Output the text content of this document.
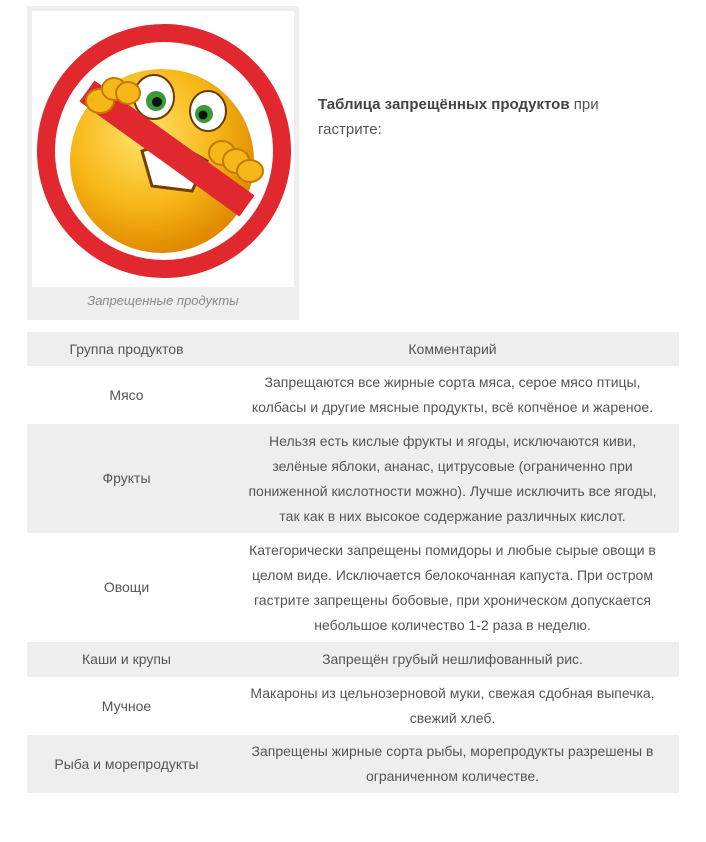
Запрещенные продукты
Таблица запрещённых продуктов при гастрите:
Группа продуктов	Комментарий
Мясо	Запрещаются все жирные сорта мяса, серое мясо птицы, колбасы и другие мясные продукты, всё копчёное и жареное.
Фрукты	Нельзя есть кислые фрукты и ягоды, исключаются киви, зелёные яблоки, ананас, цитрусовые (ограниченно при пониженной кислотности можно). Лучше исключить все ягоды, так как в них высокое содержание различных кислот.
Овощи	Категорически запрещены помидоры и любые сырые овощи в целом виде. Исключается белокочанная капуста. При остром гастрите запрещены бобовые, при хроническом допускается небольшое количество 1-2 раза в неделю.
Каши и крупы	Запрещён грубый нешлифованный рис.
Мучное	Макароны из цельнозерновой муки, свежая сдобная выпечка, свежий хлеб.
Рыба и морепродукты	Запрещены жирные сорта рыбы, морепродукты разрешены в ограниченном количестве.
